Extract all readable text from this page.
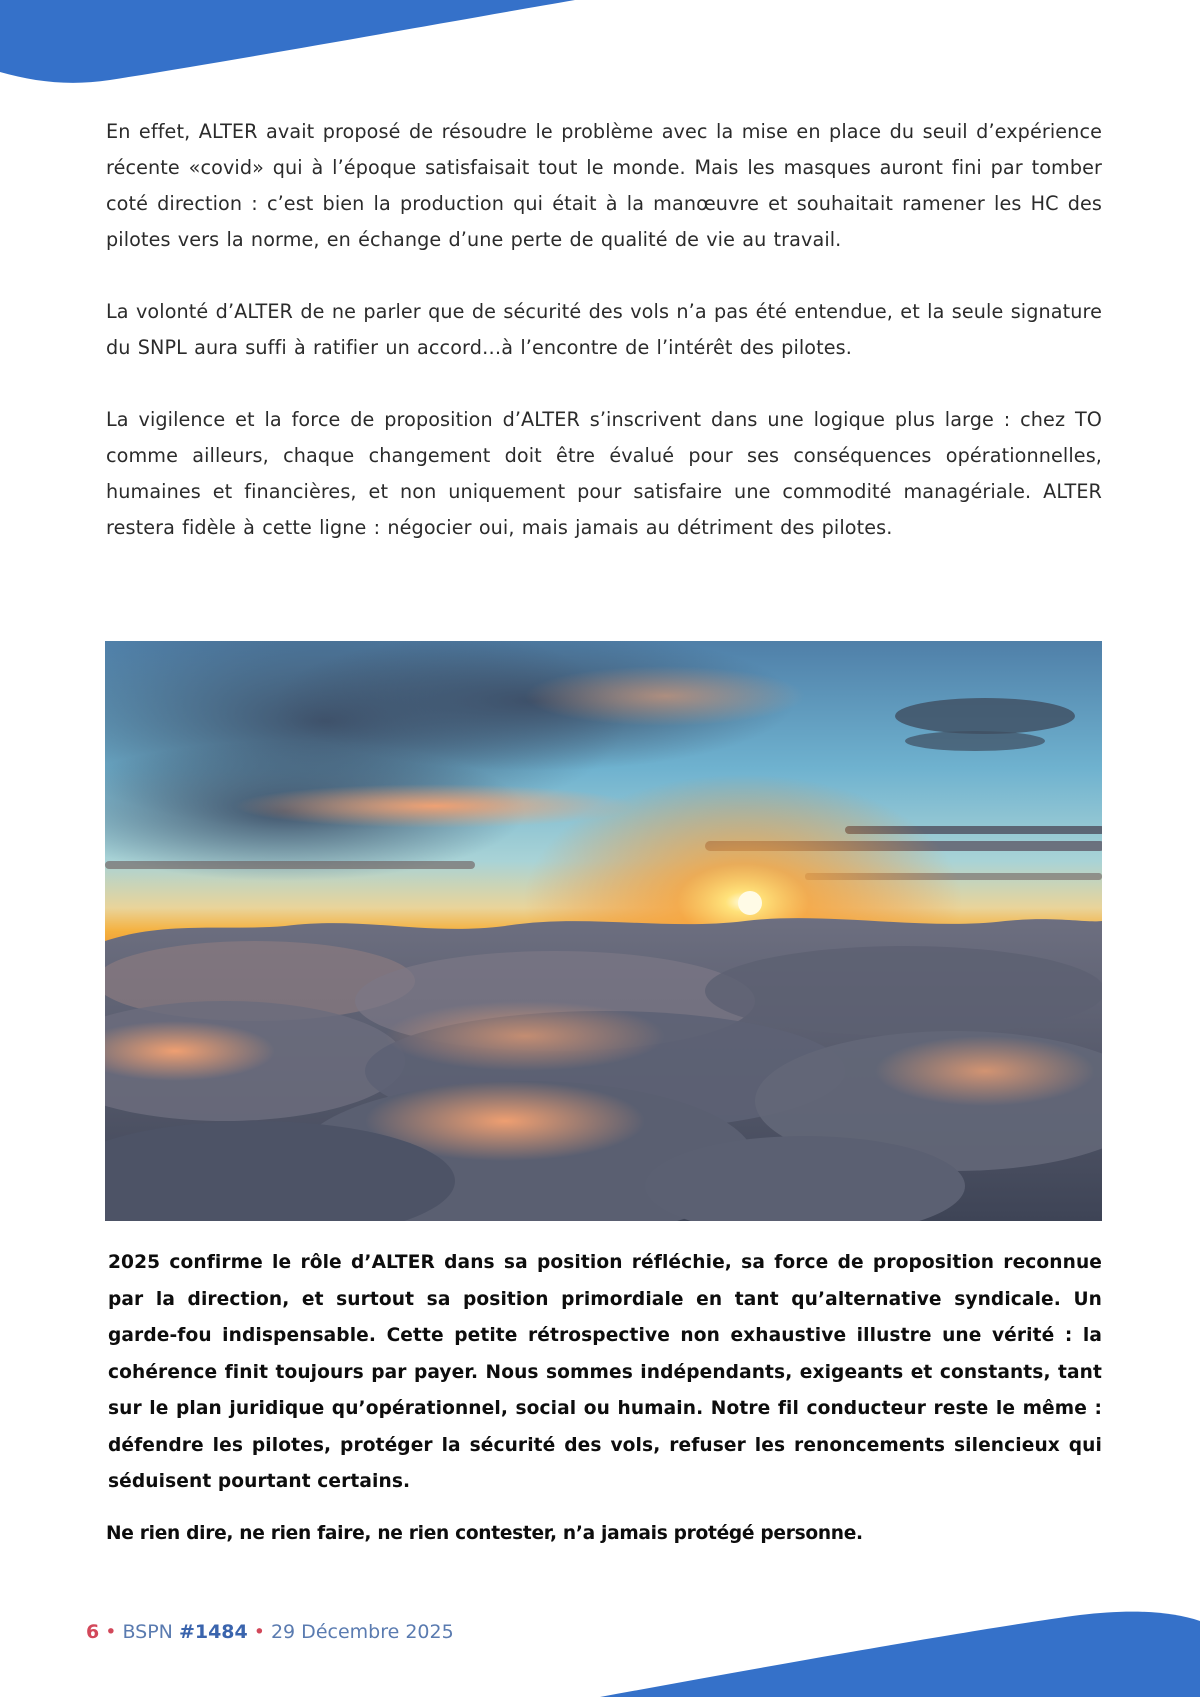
En effet, ALTER avait proposé de résoudre le problème avec la mise en place du seuil d’expérience récente «covid» qui à l’époque satisfaisait tout le monde. Mais les masques auront fini par tomber coté direction : c’est bien la production qui était à la manœuvre et souhaitait ramener les HC des pilotes vers la norme, en échange d’une perte de qualité de vie au travail.

La volonté d’ALTER de ne parler que de sécurité des vols n’a pas été entendue, et la seule signature du SNPL aura suffi à ratifier un accord…à l’encontre de l’intérêt des pilotes.

La vigilence et la force de proposition d’ALTER s’inscrivent dans une logique plus large : chez TO comme ailleurs, chaque changement doit être évalué pour ses conséquences opérationnelles, humaines et financières, et non uniquement pour satisfaire une commodité managériale. ALTER restera fidèle à cette ligne : négocier oui, mais jamais au détriment des pilotes.

2025 confirme le rôle d’ALTER dans sa position réfléchie, sa force de proposition reconnue par la direction, et surtout sa position primordiale en tant qu’alternative syndicale. Un garde-fou indispensable. Cette petite rétrospective non exhaustive illustre une vérité : la cohérence finit toujours par payer. Nous sommes indépendants, exigeants et constants, tant sur le plan juridique qu’opérationnel, social ou humain. Notre fil conducteur reste le même : défendre les pilotes, protéger la sécurité des vols, refuser les renoncements silencieux qui séduisent pourtant certains.

Ne rien dire, ne rien faire, ne rien contester, n’a jamais protégé personne.

6 • BSPN #1484 • 29 Décembre 2025
